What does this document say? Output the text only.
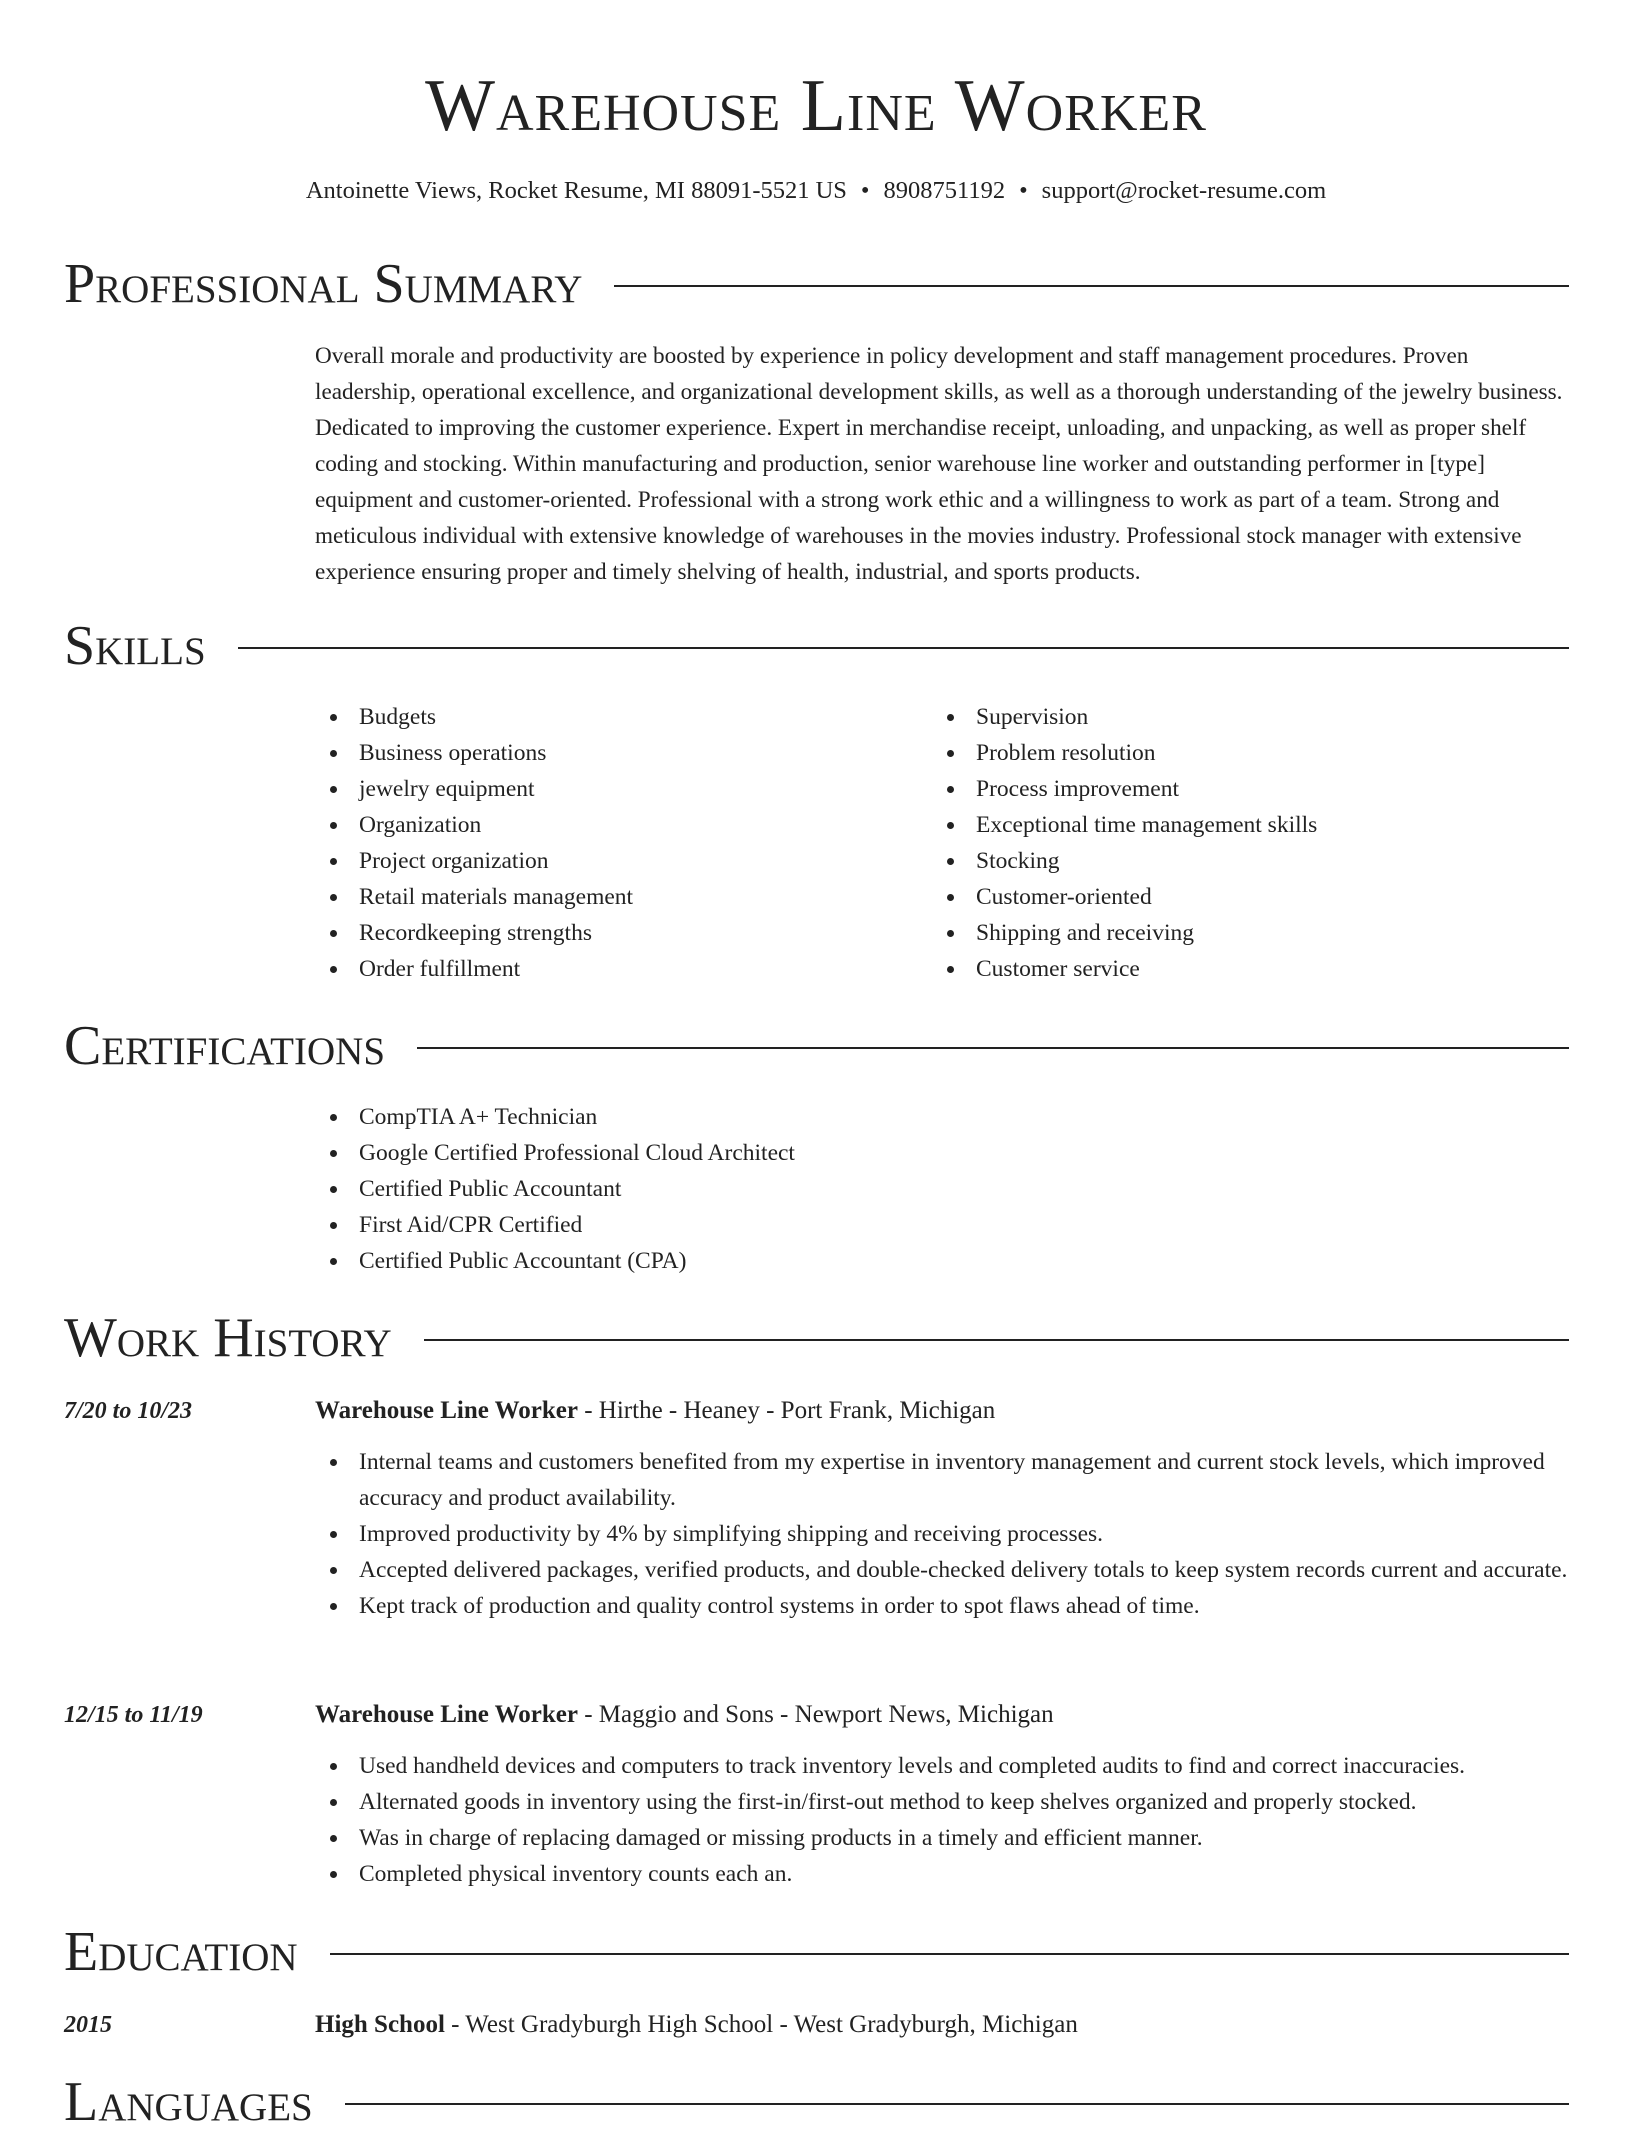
Warehouse Line Worker
Antoinette Views, Rocket Resume, MI 88091-5521 US • 8908751192 • support@rocket-resume.com
Professional Summary
Overall morale and productivity are boosted by experience in policy development and staff management procedures. Proven leadership, operational excellence, and organizational development skills, as well as a thorough understanding of the jewelry business. Dedicated to improving the customer experience. Expert in merchandise receipt, unloading, and unpacking, as well as proper shelf coding and stocking. Within manufacturing and production, senior warehouse line worker and outstanding performer in [type] equipment and customer-oriented. Professional with a strong work ethic and a willingness to work as part of a team. Strong and meticulous individual with extensive knowledge of warehouses in the movies industry. Professional stock manager with extensive experience ensuring proper and timely shelving of health, industrial, and sports products.
Skills
Budgets
Business operations
jewelry equipment
Organization
Project organization
Retail materials management
Recordkeeping strengths
Order fulfillment
Supervision
Problem resolution
Process improvement
Exceptional time management skills
Stocking
Customer-oriented
Shipping and receiving
Customer service
Certifications
CompTIA A+ Technician
Google Certified Professional Cloud Architect
Certified Public Accountant
First Aid/CPR Certified
Certified Public Accountant (CPA)
Work History
7/20 to 10/23	Warehouse Line Worker - Hirthe - Heaney - Port Frank, Michigan
Internal teams and customers benefited from my expertise in inventory management and current stock levels, which improved accuracy and product availability.
Improved productivity by 4% by simplifying shipping and receiving processes.
Accepted delivered packages, verified products, and double-checked delivery totals to keep system records current and accurate.
Kept track of production and quality control systems in order to spot flaws ahead of time.
12/15 to 11/19	Warehouse Line Worker - Maggio and Sons - Newport News, Michigan
Used handheld devices and computers to track inventory levels and completed audits to find and correct inaccuracies.
Alternated goods in inventory using the first-in/first-out method to keep shelves organized and properly stocked.
Was in charge of replacing damaged or missing products in a timely and efficient manner.
Completed physical inventory counts each an.
Education
2015	High School - West Gradyburgh High School - West Gradyburgh, Michigan
Languages
